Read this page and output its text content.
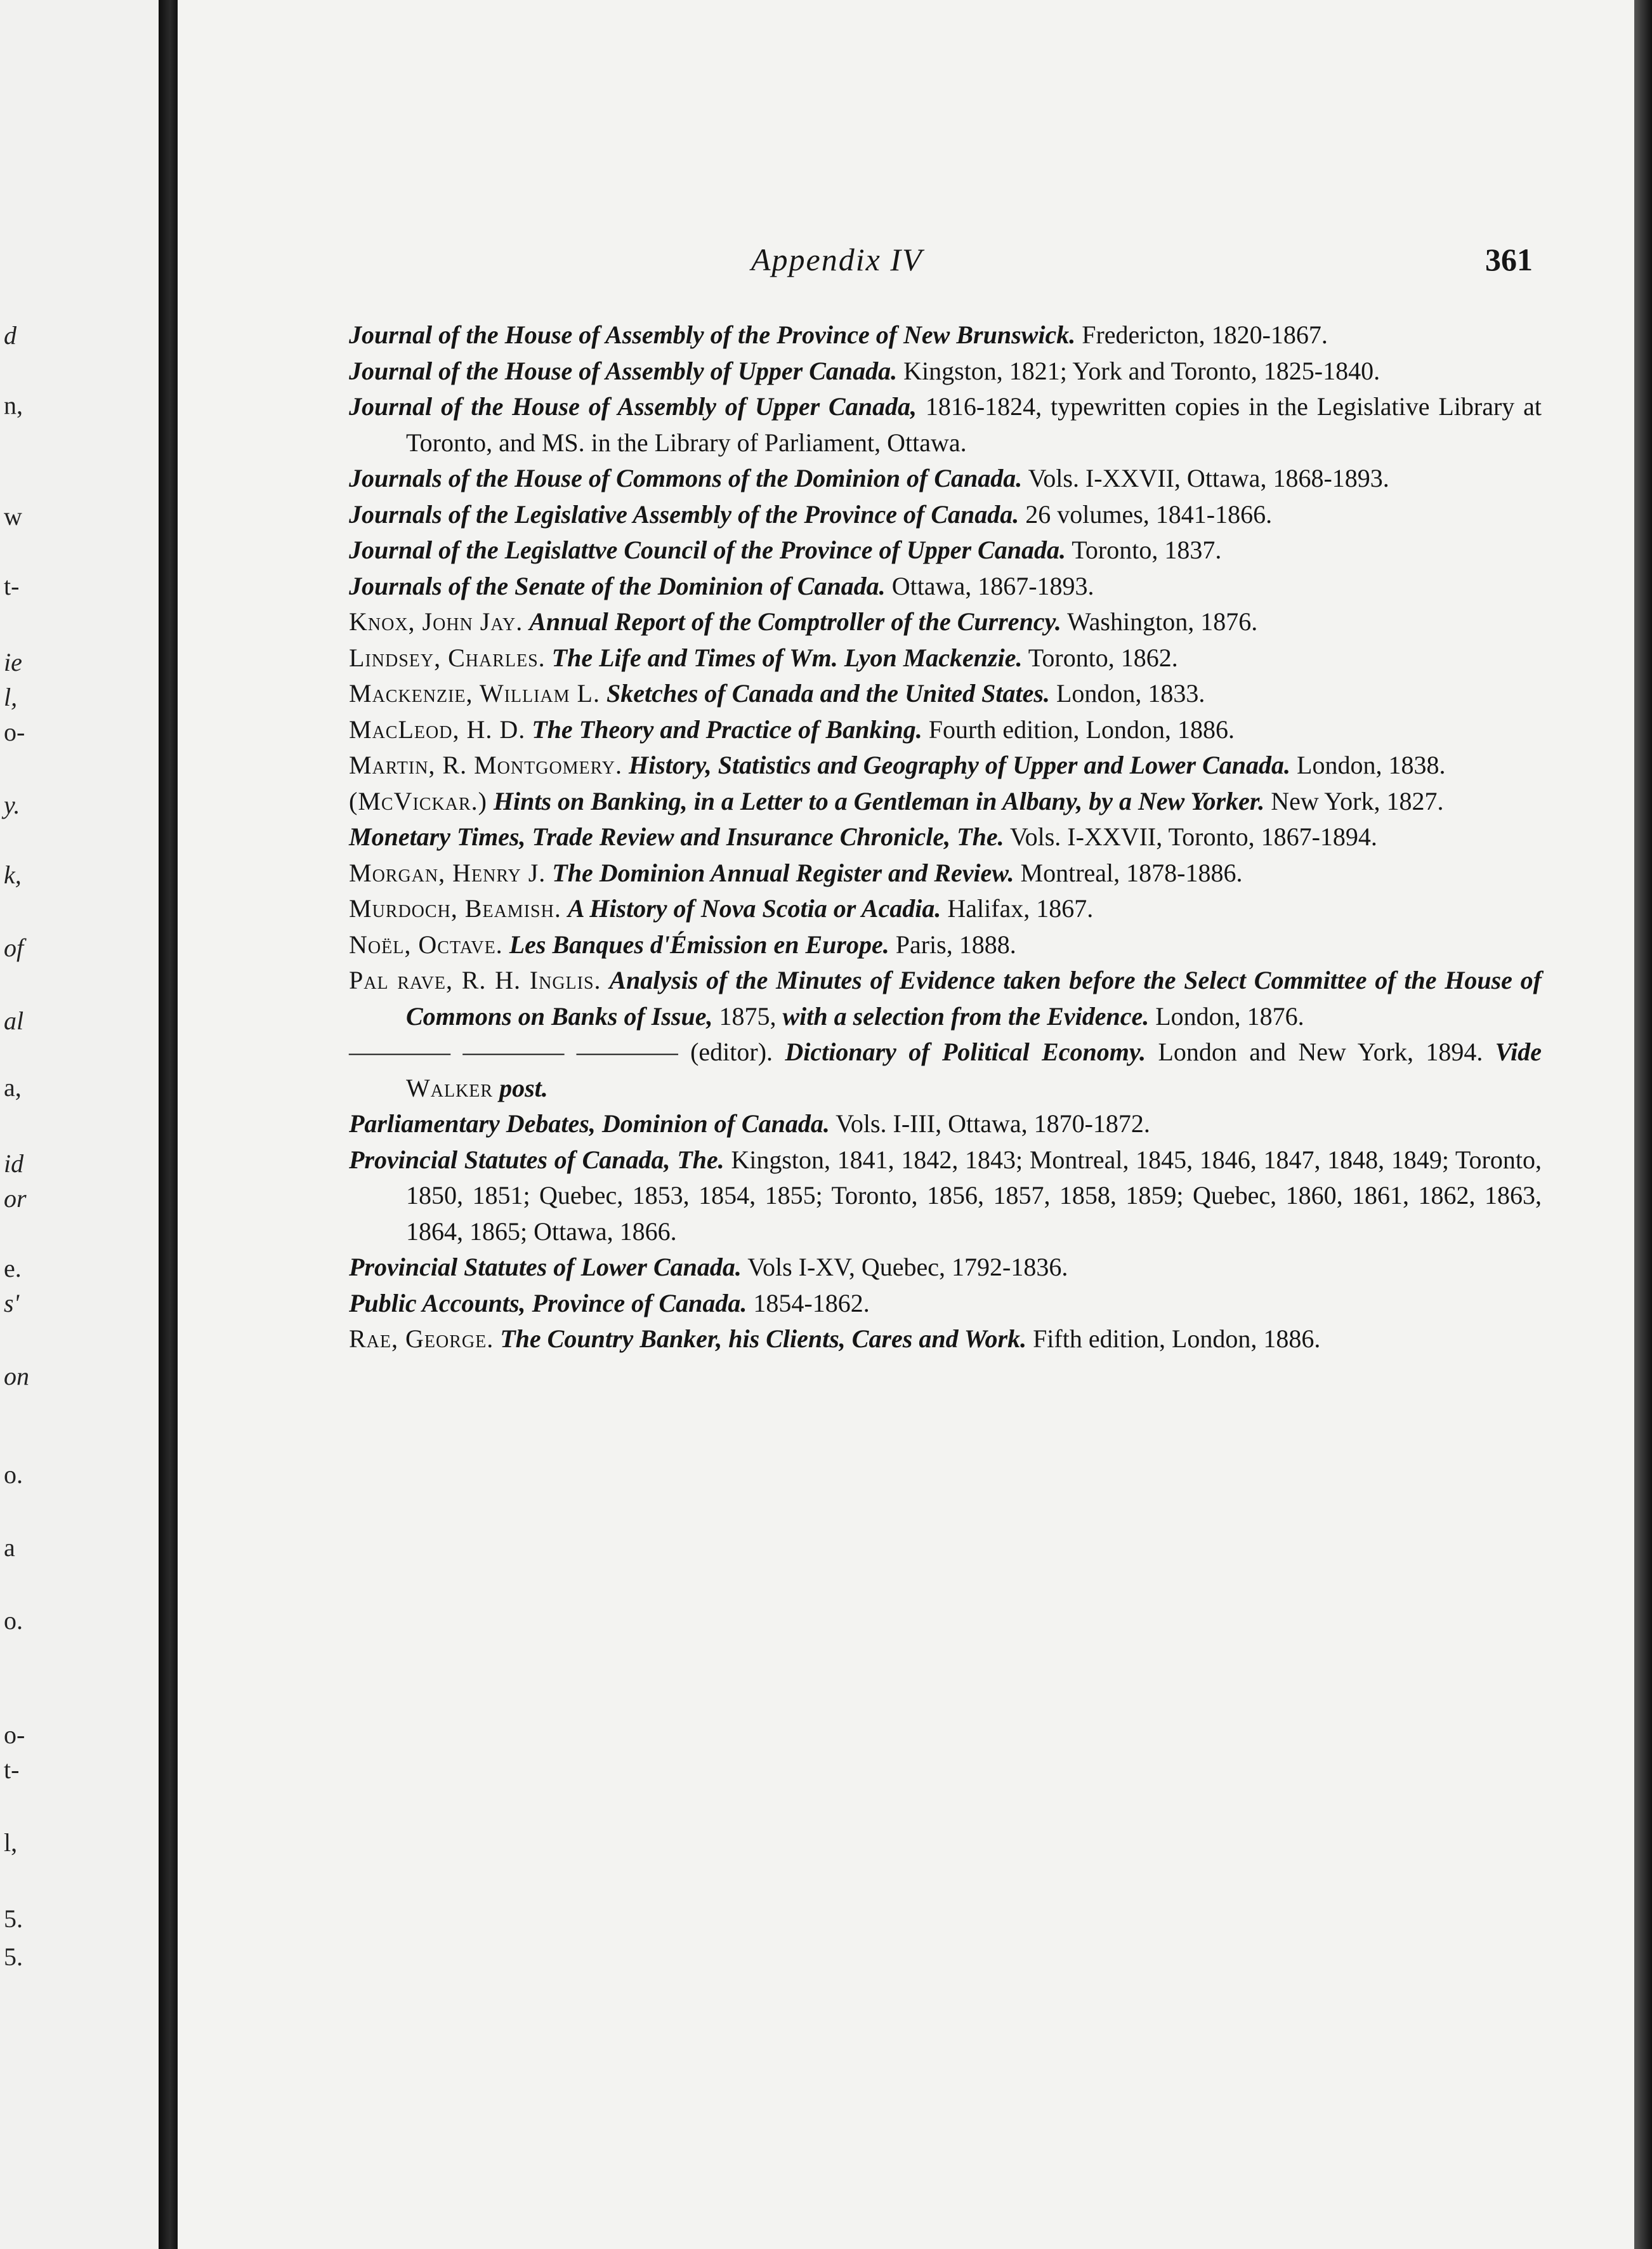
d
n,
w
t-
ie
l,
o-
y.
k,
of
al
a,
id
or
e.
s'
on
o.
a
o.
o-
t-
l,
5.
5.
Appendix IV	361

Journal of the House of Assembly of the Province of New Brunswick. Fredericton, 1820-1867.

Journal of the House of Assembly of Upper Canada. Kingston, 1821; York and Toronto, 1825-1840.

Journal of the House of Assembly of Upper Canada, 1816-1824, typewritten copies in the Legislative Library at Toronto, and MS. in the Library of Parliament, Ottawa.

Journals of the House of Commons of the Dominion of Canada. Vols. I-XXVII, Ottawa, 1868-1893.

Journals of the Legislative Assembly of the Province of Canada. 26 volumes, 1841-1866.

Journal of the Legislattve Council of the Province of Upper Canada. Toronto, 1837.

Journals of the Senate of the Dominion of Canada. Ottawa, 1867-1893.

Knox, John Jay. Annual Report of the Comptroller of the Currency. Washington, 1876.

Lindsey, Charles. The Life and Times of Wm. Lyon Mackenzie. Toronto, 1862.

Mackenzie, William L. Sketches of Canada and the United States. London, 1833.

MacLeod, H. D. The Theory and Practice of Banking. Fourth edition, London, 1886.

Martin, R. Montgomery. History, Statistics and Geography of Upper and Lower Canada. London, 1838.

(McVickar.) Hints on Banking, in a Letter to a Gentleman in Albany, by a New Yorker. New York, 1827.

Monetary Times, Trade Review and Insurance Chronicle, The. Vols. I-XXVII, Toronto, 1867-1894.

Morgan, Henry J. The Dominion Annual Register and Review. Montreal, 1878-1886.

Murdoch, Beamish. A History of Nova Scotia or Acadia. Halifax, 1867.

Noël, Octave. Les Banques d'Émission en Europe. Paris, 1888.

Pal rave, R. H. Inglis. Analysis of the Minutes of Evidence taken before the Select Committee of the House of Commons on Banks of Issue, 1875, with a selection from the Evidence. London, 1876.

———— ———— ———— (editor). Dictionary of Political Economy. London and New York, 1894. Vide Walker post.

Parliamentary Debates, Dominion of Canada. Vols. I-III, Ottawa, 1870-1872.

Provincial Statutes of Canada, The. Kingston, 1841, 1842, 1843; Montreal, 1845, 1846, 1847, 1848, 1849; Toronto, 1850, 1851; Quebec, 1853, 1854, 1855; Toronto, 1856, 1857, 1858, 1859; Quebec, 1860, 1861, 1862, 1863, 1864, 1865; Ottawa, 1866.

Provincial Statutes of Lower Canada. Vols I-XV, Quebec, 1792-1836.

Public Accounts, Province of Canada. 1854-1862.

Rae, George. The Country Banker, his Clients, Cares and Work. Fifth edition, London, 1886.
